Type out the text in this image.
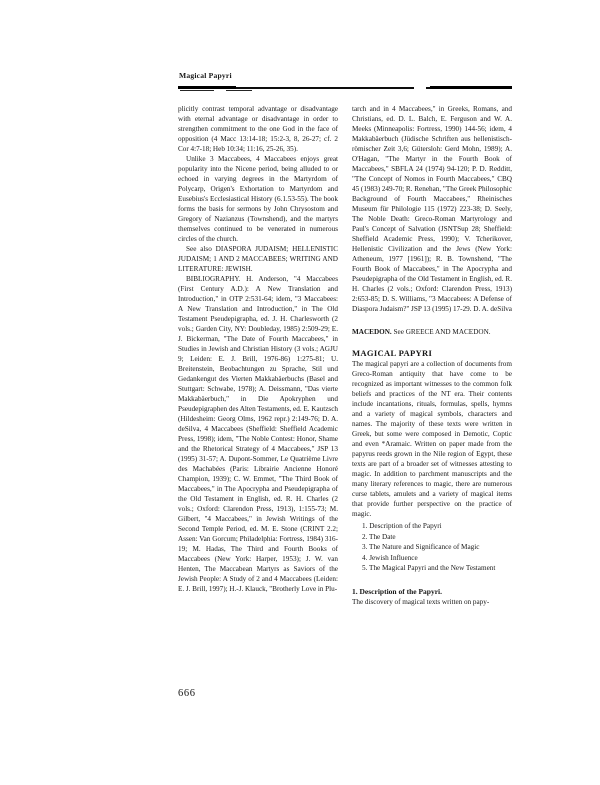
Magical Papyri

plicitly contrast temporal advantage or disadvantage with eternal advantage or disadvantage in order to strengthen commitment to the one God in the face of opposition (4 Macc 13:14-18; 15:2-3, 8, 26-27; cf. 2 Cor 4:7-18; Heb 10:34; 11:16, 25-26, 35).

Unlike 3 Maccabees, 4 Maccabees enjoys great popularity into the Nicene period, being alluded to or echoed in varying degrees in the Martyrdom of Polycarp, Origen's Exhortation to Martyrdom and Eusebius's Ecclesiastical History (6.1.53-55). The book forms the basis for sermons by John Chrysostom and Gregory of Nazianzus (Townshend), and the martyrs themselves continued to be venerated in numerous circles of the church.

See also DIASPORA JUDAISM; HELLENISTIC JUDAISM; 1 AND 2 MACCABEES; WRITING AND LITERATURE: JEWISH.

BIBLIOGRAPHY. H. Anderson, "4 Maccabees (First Century A.D.): A New Translation and Introduction," in OTP 2:531-64; idem, "3 Maccabees: A New Translation and Introduction," in The Old Testament Pseudepigrapha, ed. J. H. Charlesworth (2 vols.; Garden City, NY: Doubleday, 1985) 2:509-29; E. J. Bickerman, "The Date of Fourth Maccabees," in Studies in Jewish and Christian History (3 vols.; AGJU 9; Leiden: E. J. Brill, 1976-86) 1:275-81; U. Breitenstein, Beobachtungen zu Sprache, Stil und Gedankengut des Vierten Makkabäerbuchs (Basel and Stuttgart: Schwabe, 1978); A. Deissmann, "Das vierte Makkabäerbuch," in Die Apokryphen und Pseudepigraphen des Alten Testaments, ed. E. Kautzsch (Hildesheim: Georg Olms, 1962 repr.) 2:149-76; D. A. deSilva, 4 Maccabees (Sheffield: Sheffield Academic Press, 1998); idem, "The Noble Contest: Honor, Shame and the Rhetorical Strategy of 4 Maccabees," JSP 13 (1995) 31-57; A. Dupont-Sommer, Le Quatrième Livre des Machabées (Paris: Librairie Ancienne Honoré Champion, 1939); C. W. Emmet, "The Third Book of Maccabees," in The Apocrypha and Pseudepigrapha of the Old Testament in English, ed. R. H. Charles (2 vols.; Oxford: Clarendon Press, 1913), 1:155-73; M. Gilbert, "4 Maccabees," in Jewish Writings of the Second Temple Period, ed. M. E. Stone (CRINT 2.2; Assen: Van Gorcum; Philadelphia: Fortress, 1984) 316-19; M. Hadas, The Third and Fourth Books of Maccabees (New York: Harper, 1953); J. W. van Henten, The Maccabean Martyrs as Saviors of the Jewish People: A Study of 2 and 4 Maccabees (Leiden: E. J. Brill, 1997); H.-J. Klauck, "Brotherly Love in Plu-

tarch and in 4 Maccabees," in Greeks, Romans, and Christians, ed. D. L. Balch, E. Ferguson and W. A. Meeks (Minneapolis: Fortress, 1990) 144-56; idem, 4 Makkabäerbuch (Jüdische Schriften aus hellenistisch-römischer Zeit 3,6; Gütersloh: Gerd Mohn, 1989); A. O'Hagan, "The Martyr in the Fourth Book of Maccabees," SBFLA 24 (1974) 94-120; P. D. Redditt, "The Concept of Nomos in Fourth Maccabees," CBQ 45 (1983) 249-70; R. Renehan, "The Greek Philosophic Background of Fourth Maccabees," Rheinisches Museum für Philologie 115 (1972) 223-38; D. Seely, The Noble Death: Greco-Roman Martyrology and Paul's Concept of Salvation (JSNTSup 28; Sheffield: Sheffield Academic Press, 1990); V. Tcherikover, Hellenistic Civilization and the Jews (New York: Atheneum, 1977 [1961]); R. B. Townshend, "The Fourth Book of Maccabees," in The Apocrypha and Pseudepigrapha of the Old Testament in English, ed. R. H. Charles (2 vols.; Oxford: Clarendon Press, 1913) 2:653-85; D. S. Williams, "3 Maccabees: A Defense of Diaspora Judaism?" JSP 13 (1995) 17-29. D. A. deSilva

MACEDON. See GREECE AND MACEDON.

MAGICAL PAPYRI

The magical papyri are a collection of documents from Greco-Roman antiquity that have come to be recognized as important witnesses to the common folk beliefs and practices of the NT era. Their contents include incantations, rituals, formulas, spells, hymns and a variety of magical symbols, characters and names. The majority of these texts were written in Greek, but some were composed in Demotic, Coptic and even *Aramaic. Written on paper made from the papyrus reeds grown in the Nile region of Egypt, these texts are part of a broader set of witnesses attesting to magic. In addition to parchment manuscripts and the many literary references to magic, there are numerous curse tablets, amulets and a variety of magical items that provide further perspective on the practice of magic.

1. Description of the Papyri
2. The Date
3. The Nature and Significance of Magic
4. Jewish Influence
5. The Magical Papyri and the New Testament
1. Description of the Papyri.

The discovery of magical texts written on papy-

666
